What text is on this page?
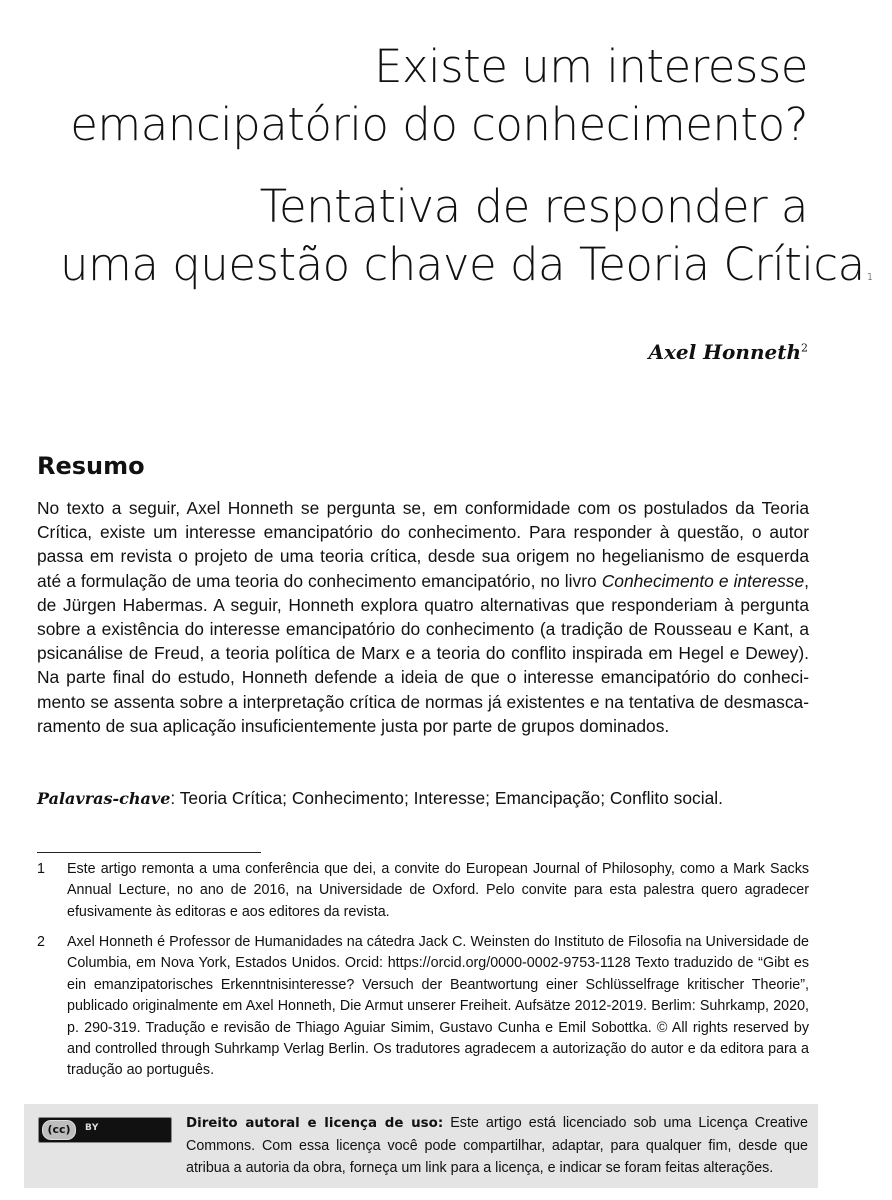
Existe um interesse
emancipatório do conhecimento?
Tentativa de responder a
uma questão chave da Teoria Crítica 1
Axel Honneth$^2$
Resumo
No texto a seguir, Axel Honneth se pergunta se, em conformidade com os postulados da Teoria Crítica, existe um interesse emancipatório do conhecimento. Para responder à questão, o autor passa em revista o projeto de uma teoria crítica, desde sua origem no hegelianismo de esquerda até a formulação de uma teoria do conhecimento emancipatório, no livro Conhecimento e interesse, de Jürgen Habermas. A seguir, Honneth explora quatro alternativas que responderiam à pergunta sobre a existência do interesse emancipatório do conhecimento (a tradição de Rousseau e Kant, a psicanálise de Freud, a teoria política de Marx e a teoria do conflito inspirada em Hegel e Dewey). Na parte final do estudo, Honneth defende a ideia de que o interesse emancipatório do conhecimento se assenta sobre a interpretação crítica de normas já existentes e na tentativa de desmascaramento de sua aplicação insuficientemente justa por parte de grupos dominados.
Palavras-chave: Teoria Crítica; Conhecimento; Interesse; Emancipação; Conflito social.
1	Este artigo remonta a uma conferência que dei, a convite do European Journal of Philosophy, como a Mark Sacks Annual Lecture, no ano de 2016, na Universidade de Oxford. Pelo convite para esta palestra quero agradecer efusivamente às editoras e aos editores da revista.
2	Axel Honneth é Professor de Humanidades na cátedra Jack C. Weinsten do Instituto de Filosofia na Universidade de Columbia, em Nova York, Estados Unidos. Orcid: https://orcid.org/0000-0002-9753-1128 Texto traduzido de “Gibt es ein emanzipatorisches Erkenntnisinteresse? Versuch der Beantwortung einer Schlüsselfrage kritischer Theorie”, publicado originalmente em Axel Honneth, Die Armut unserer Freiheit. Aufsätze 2012-2019. Berlim: Suhrkamp, 2020, p. 290-319. Tradução e revisão de Thiago Aguiar Simim, Gustavo Cunha e Emil Sobottka. © All rights reserved by and controlled through Suhrkamp Verlag Berlin. Os tradutores agradecem a autorização do autor e da editora para a tradução ao português.
(cc)	BY	Direito autoral e licença de uso: Este artigo está licenciado sob uma Licença Creative Commons. Com essa licença você pode compartilhar, adaptar, para qualquer fim, desde que atribua a autoria da obra, forneça um link para a licença, e indicar se foram feitas alterações.
